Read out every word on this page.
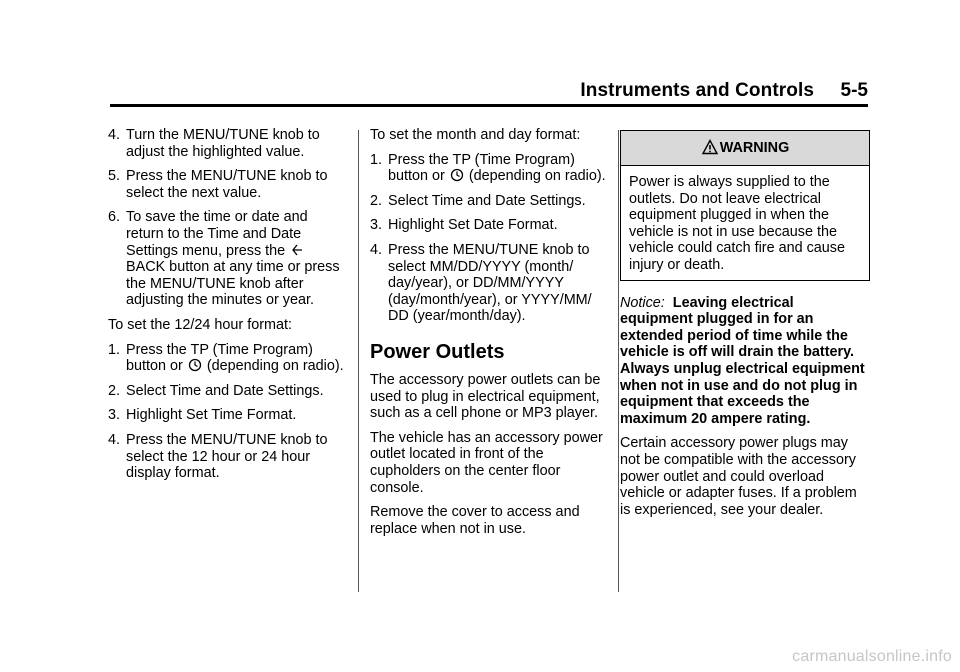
Instruments and Controls 5-5
4. Turn the MENU/TUNE knob to adjust the highlighted value.
5. Press the MENU/TUNE knob to select the next value.
6. To save the time or date and return to the Time and Date Settings menu, press the  BACK button at any time or press the MENU/TUNE knob after adjusting the minutes or year.

To set the 12/24 hour format:

1. Press the TP (Time Program) button or (depending on radio).
2. Select Time and Date Settings.
3. Highlight Set Time Format.
4. Press the MENU/TUNE knob to select the 12 hour or 24 hour display format.

To set the month and day format:

1. Press the TP (Time Program) button or (depending on radio).
2. Select Time and Date Settings.
3. Highlight Set Date Format.
4. Press the MENU/TUNE knob to select MM/DD/YYYY (month/ day/year), or DD/MM/YYYY (day/month/year), or YYYY/MM/ DD (year/month/day).
Power Outlets

The accessory power outlets can be used to plug in electrical equipment, such as a cell phone or MP3 player.

The vehicle has an accessory power outlet located in front of the cupholders on the center floor console.

Remove the cover to access and replace when not in use.

WARNING
Power is always supplied to the outlets. Do not leave electrical equipment plugged in when the vehicle is not in use because the vehicle could catch fire and cause injury or death.

Notice: Leaving electrical equipment plugged in for an extended period of time while the vehicle is off will drain the battery. Always unplug electrical equipment when not in use and do not plug in equipment that exceeds the maximum 20 ampere rating.

Certain accessory power plugs may not be compatible with the accessory power outlet and could overload vehicle or adapter fuses. If a problem is experienced, see your dealer.

carmanualsonline.info
